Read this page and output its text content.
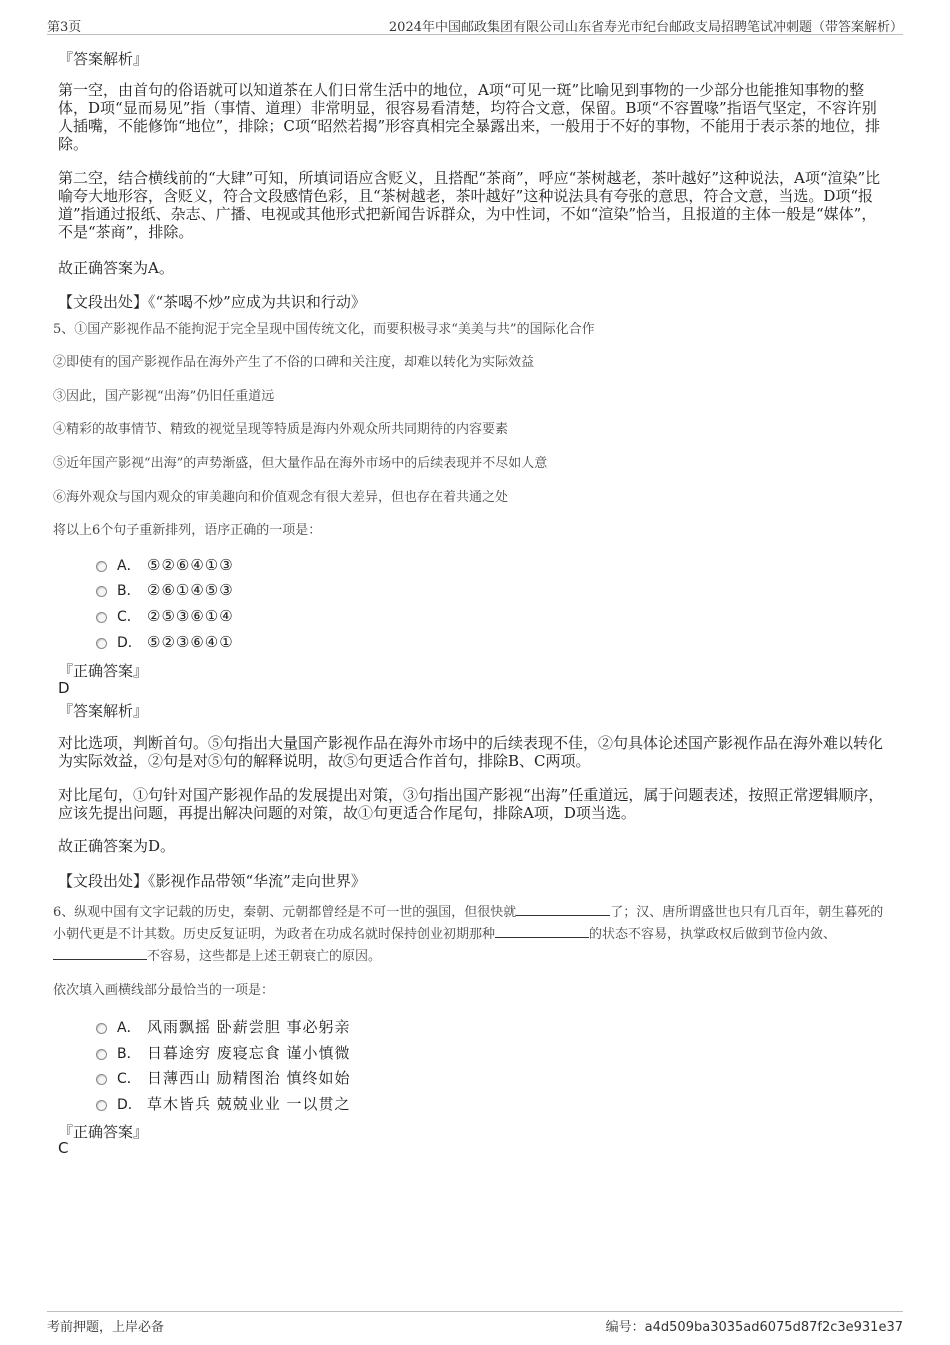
第3页	2024年中国邮政集团有限公司山东省寿光市纪台邮政支局招聘笔试冲刺题（带答案解析）
『答案解析』
第一空，由首句的俗语就可以知道茶在人们日常生活中的地位，A项“可见一斑”比喻见到事物的一少部分也能推知事物的整体，D项“显而易见”指（事情、道理）非常明显，很容易看清楚，均符合文意，保留。B项“不容置喙”指语气坚定，不容许别人插嘴，不能修饰“地位”，排除；C项“昭然若揭”形容真相完全暴露出来，一般用于不好的事物，不能用于表示茶的地位，排除。
第二空，结合横线前的“大肆”可知，所填词语应含贬义，且搭配“茶商”，呼应“茶树越老，茶叶越好”这种说法，A项“渲染”比喻夸大地形容，含贬义，符合文段感情色彩，且“茶树越老，茶叶越好”这种说法具有夸张的意思，符合文意，当选。D项“报道”指通过报纸、杂志、广播、电视或其他形式把新闻告诉群众，为中性词，不如“渲染”恰当，且报道的主体一般是“媒体”，不是“茶商”，排除。
故正确答案为A。
【文段出处】《“茶喝不炒”应成为共识和行动》
5、①国产影视作品不能拘泥于完全呈现中国传统文化，而要积极寻求“美美与共”的国际化合作
②即使有的国产影视作品在海外产生了不俗的口碑和关注度，却难以转化为实际效益
③因此，国产影视“出海”仍旧任重道远
④精彩的故事情节、精致的视觉呈现等特质是海内外观众所共同期待的内容要素
⑤近年国产影视“出海”的声势渐盛，但大量作品在海外市场中的后续表现并不尽如人意
⑥海外观众与国内观众的审美趣向和价值观念有很大差异，但也存在着共通之处
将以上6个句子重新排列，语序正确的一项是：
A． ⑤②⑥④①③
B． ②⑥①④⑤③
C． ②⑤③⑥①④
D． ⑤②③⑥④①
『正确答案』
D
『答案解析』
对比选项，判断首句。⑤句指出大量国产影视作品在海外市场中的后续表现不佳，②句具体论述国产影视作品在海外难以转化为实际效益，②句是对⑤句的解释说明，故⑤句更适合作首句，排除B、C两项。
对比尾句，①句针对国产影视作品的发展提出对策，③句指出国产影视“出海”任重道远，属于问题表述，按照正常逻辑顺序，应该先提出问题，再提出解决问题的对策，故①句更适合作尾句，排除A项，D项当选。
故正确答案为D。
【文段出处】《影视作品带领“华流”走向世界》
6、纵观中国有文字记载的历史，秦朝、元朝都曾经是不可一世的强国，但很快就	了；汉、唐所谓盛世也只有几百年，朝生暮死的小朝代更是不计其数。历史反复证明，为政者在功成名就时保持创业初期那种	的状态不容易，执掌政权后做到节俭内敛、不容易，这些都是上述王朝衰亡的原因。
依次填入画横线部分最恰当的一项是：
A． 风雨飘摇 卧薪尝胆 事必躬亲
B． 日暮途穷 废寝忘食 谨小慎微
C． 日薄西山 励精图治 慎终如始
D． 草木皆兵 兢兢业业 一以贯之
『正确答案』
C
考前押题，上岸必备	编号：a4d509ba3035ad6075d87f2c3e931e37
